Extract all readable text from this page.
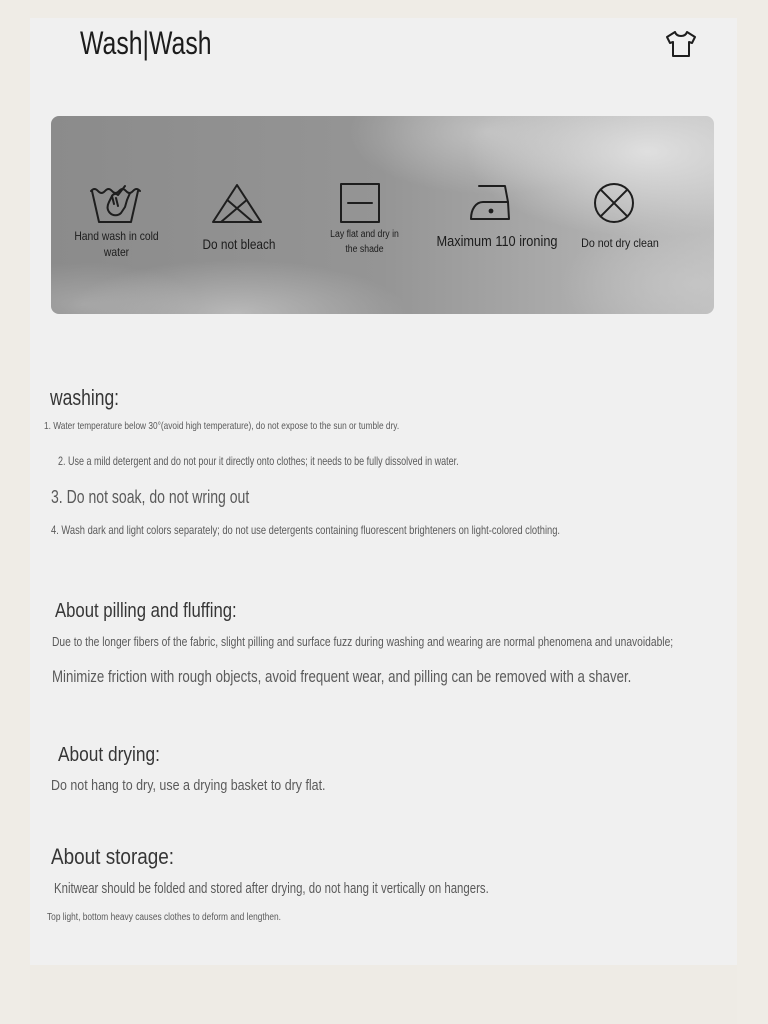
Wash|Wash
Hand wash in cold water	Do not bleach
Lay flat and dry in the shade	Maximum 110 ironing	Do not dry clean
washing:
1. Water temperature below 30°(avoid high temperature), do not expose to the sun or tumble dry.
2. Use a mild detergent and do not pour it directly onto clothes; it needs to be fully dissolved in water.
3. Do not soak, do not wring out
4. Wash dark and light colors separately; do not use detergents containing fluorescent brighteners on light-colored clothing.
About pilling and fluffing:
Due to the longer fibers of the fabric, slight pilling and surface fuzz during washing and wearing are normal phenomena and unavoidable;
Minimize friction with rough objects, avoid frequent wear, and pilling can be removed with a shaver.
About drying:
Do not hang to dry, use a drying basket to dry flat.
About storage:
Knitwear should be folded and stored after drying, do not hang it vertically on hangers.
Top light, bottom heavy causes clothes to deform and lengthen.
